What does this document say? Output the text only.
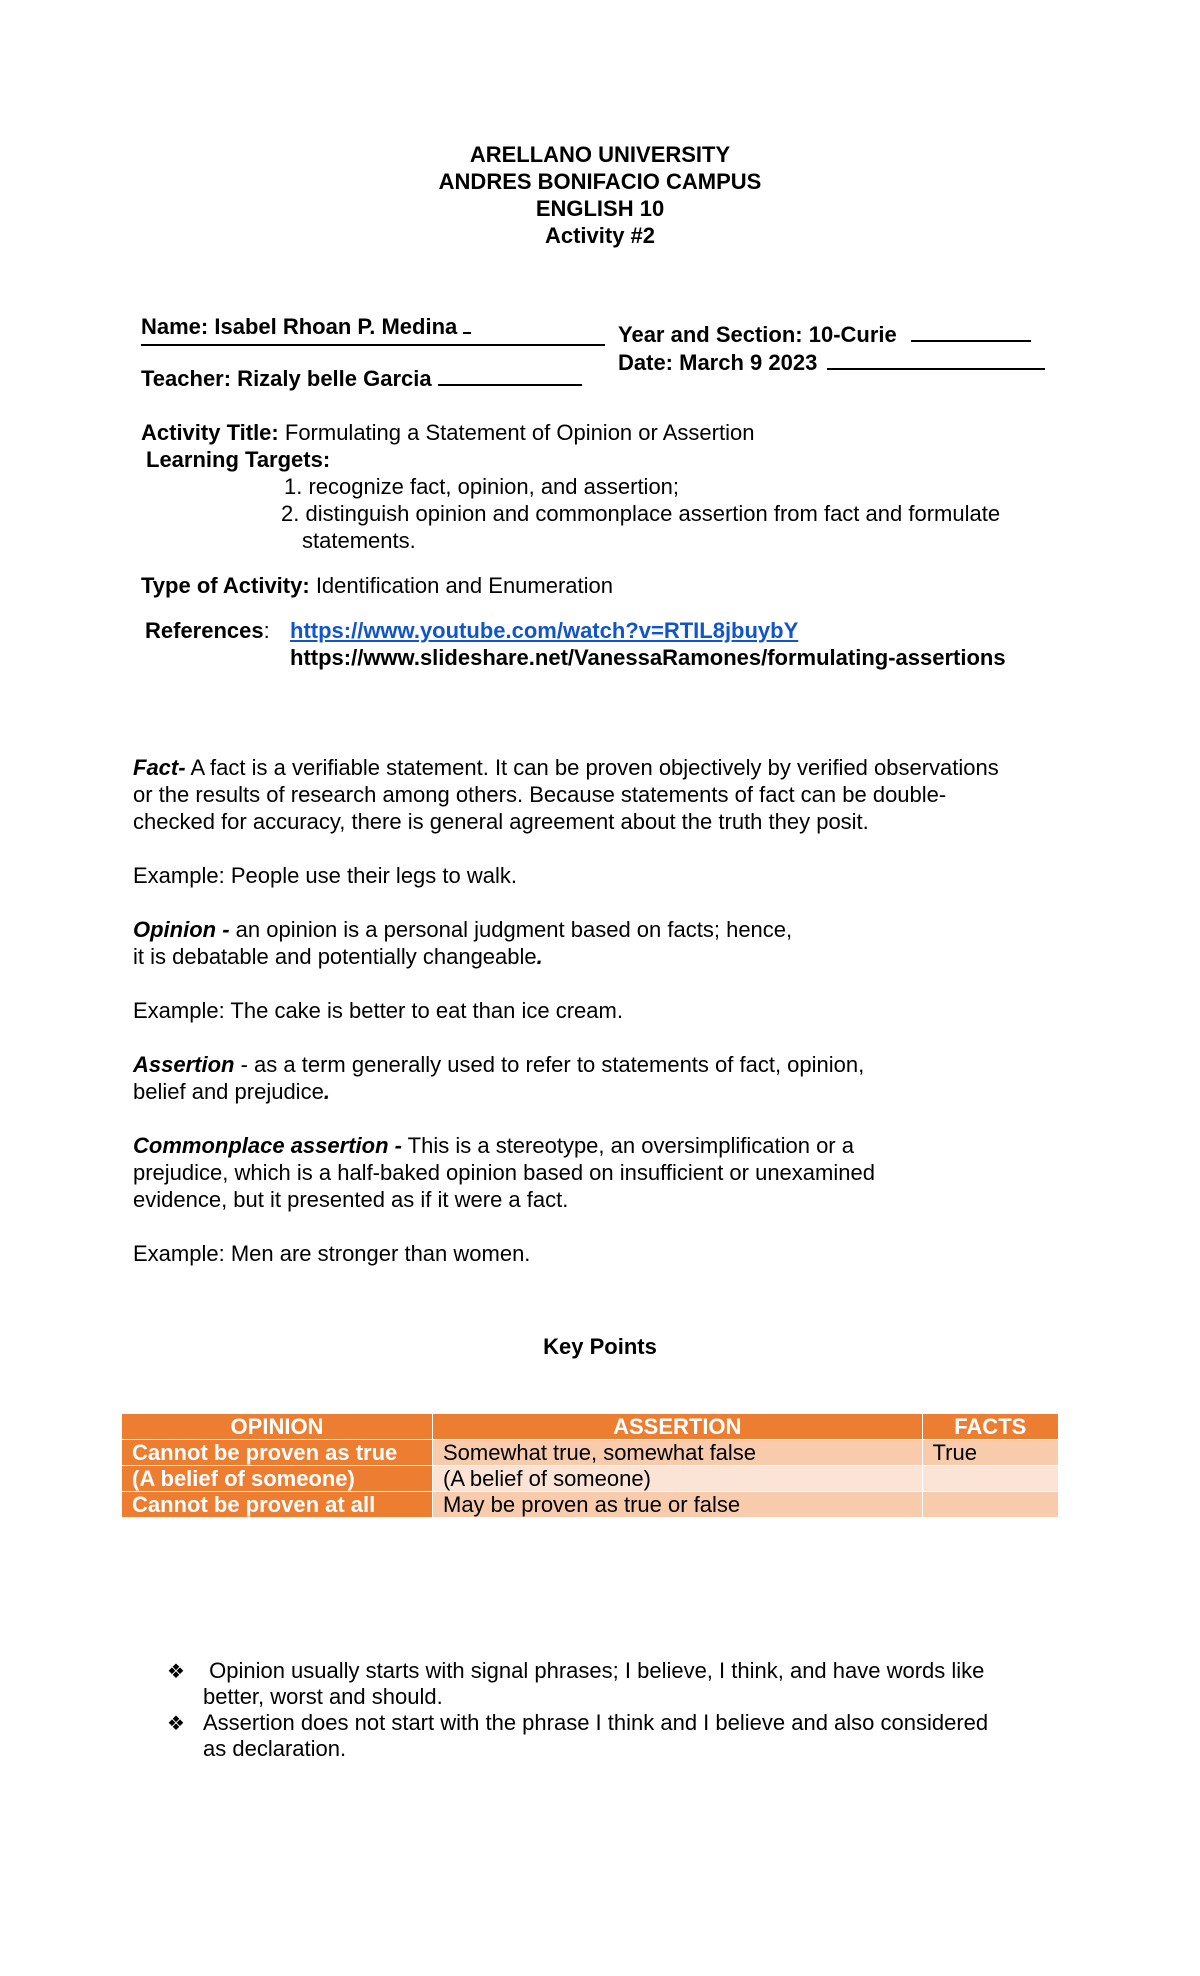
ARELLANO UNIVERSITY
ANDRES BONIFACIO CAMPUS
ENGLISH 10
Activity #2
Name: Isabel Rhoan P. Medina
Teacher: Rizaly belle Garcia
Year and Section: 10-Curie
Date: March 9 2023
Activity Title: Formulating a Statement of Opinion or Assertion
Learning Targets:
1. recognize fact, opinion, and assertion;
2. distinguish opinion and commonplace assertion from fact and formulate
statements.
Type of Activity: Identification and Enumeration
References: https://www.youtube.com/watch?v=RTIL8jbuybY
https://www.slideshare.net/VanessaRamones/formulating-assertions
Fact- A fact is a verifiable statement. It can be proven objectively by verified observations
or the results of research among others. Because statements of fact can be double-
checked for accuracy, there is general agreement about the truth they posit.
Example: People use their legs to walk.
Opinion - an opinion is a personal judgment based on facts; hence,
it is debatable and potentially changeable.
Example: The cake is better to eat than ice cream.
Assertion - as a term generally used to refer to statements of fact, opinion,
belief and prejudice.
Commonplace assertion - This is a stereotype, an oversimplification or a
prejudice, which is a half-baked opinion based on insufficient or unexamined
evidence, but it presented as if it were a fact.
Example: Men are stronger than women.
Key Points
OPINION	ASSERTION	FACTS
Cannot be proven as true	Somewhat true, somewhat false	True
(A belief of someone)	(A belief of someone)	
Cannot be proven at all	May be proven as true or false	
❖ Opinion usually starts with signal phrases; I believe, I think, and have words like
better, worst and should.
❖ Assertion does not start with the phrase I think and I believe and also considered
as declaration.
